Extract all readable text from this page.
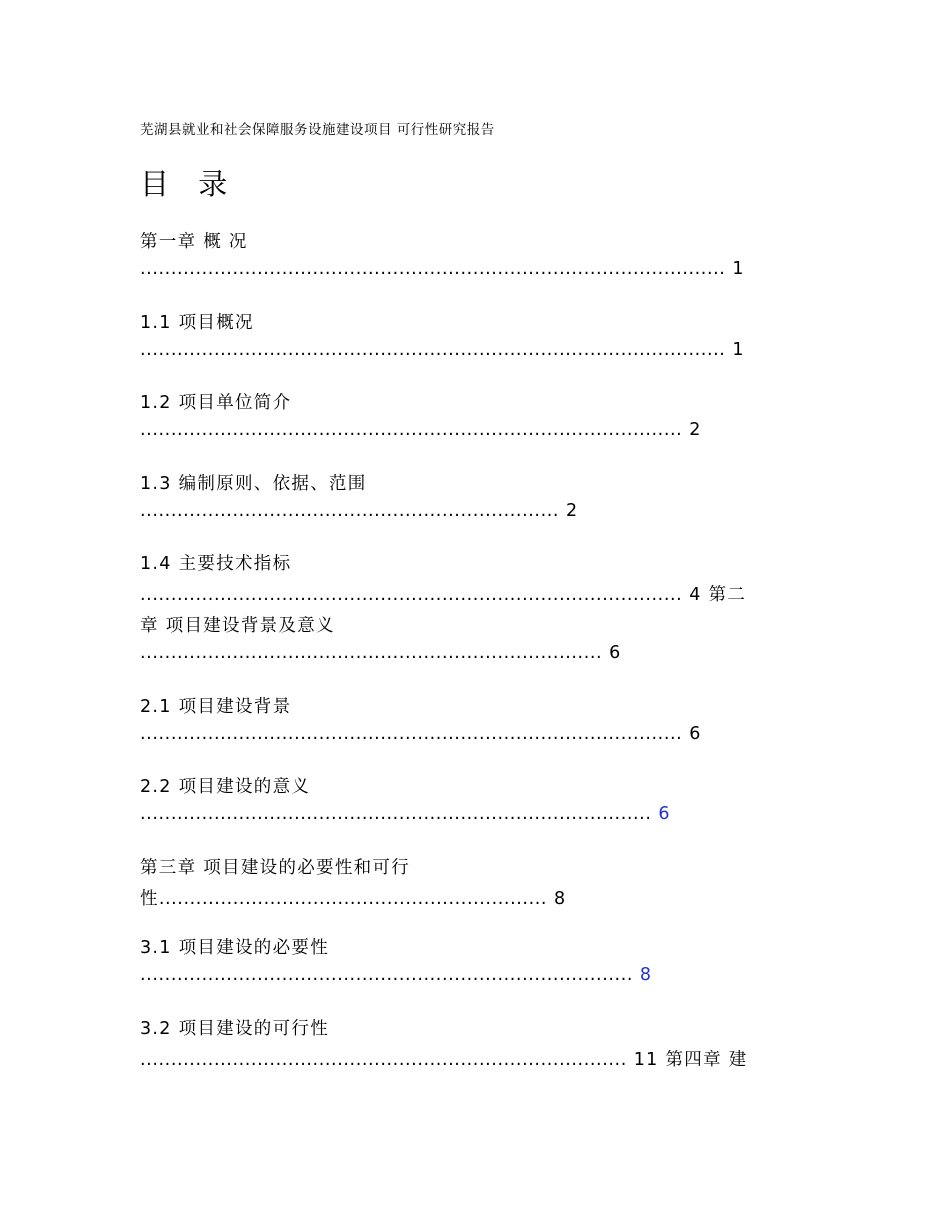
芜湖县就业和社会保障服务设施建设项目 可行性研究报告
目 录
第一章 概 况
............................................................................................... 1
1.1 项目概况
............................................................................................... 1
1.2 项目单位简介
........................................................................................ 2
1.3 编制原则、依据、范围
.................................................................... 2
1.4 主要技术指标
........................................................................................ 4 第二
章 项目建设背景及意义
........................................................................... 6
2.1 项目建设背景
........................................................................................ 6
2.2 项目建设的意义
................................................................................... 6
第三章 项目建设的必要性和可行
性............................................................... 8
3.1 项目建设的必要性
................................................................................ 8
3.2 项目建设的可行性
............................................................................... 11 第四章 建
